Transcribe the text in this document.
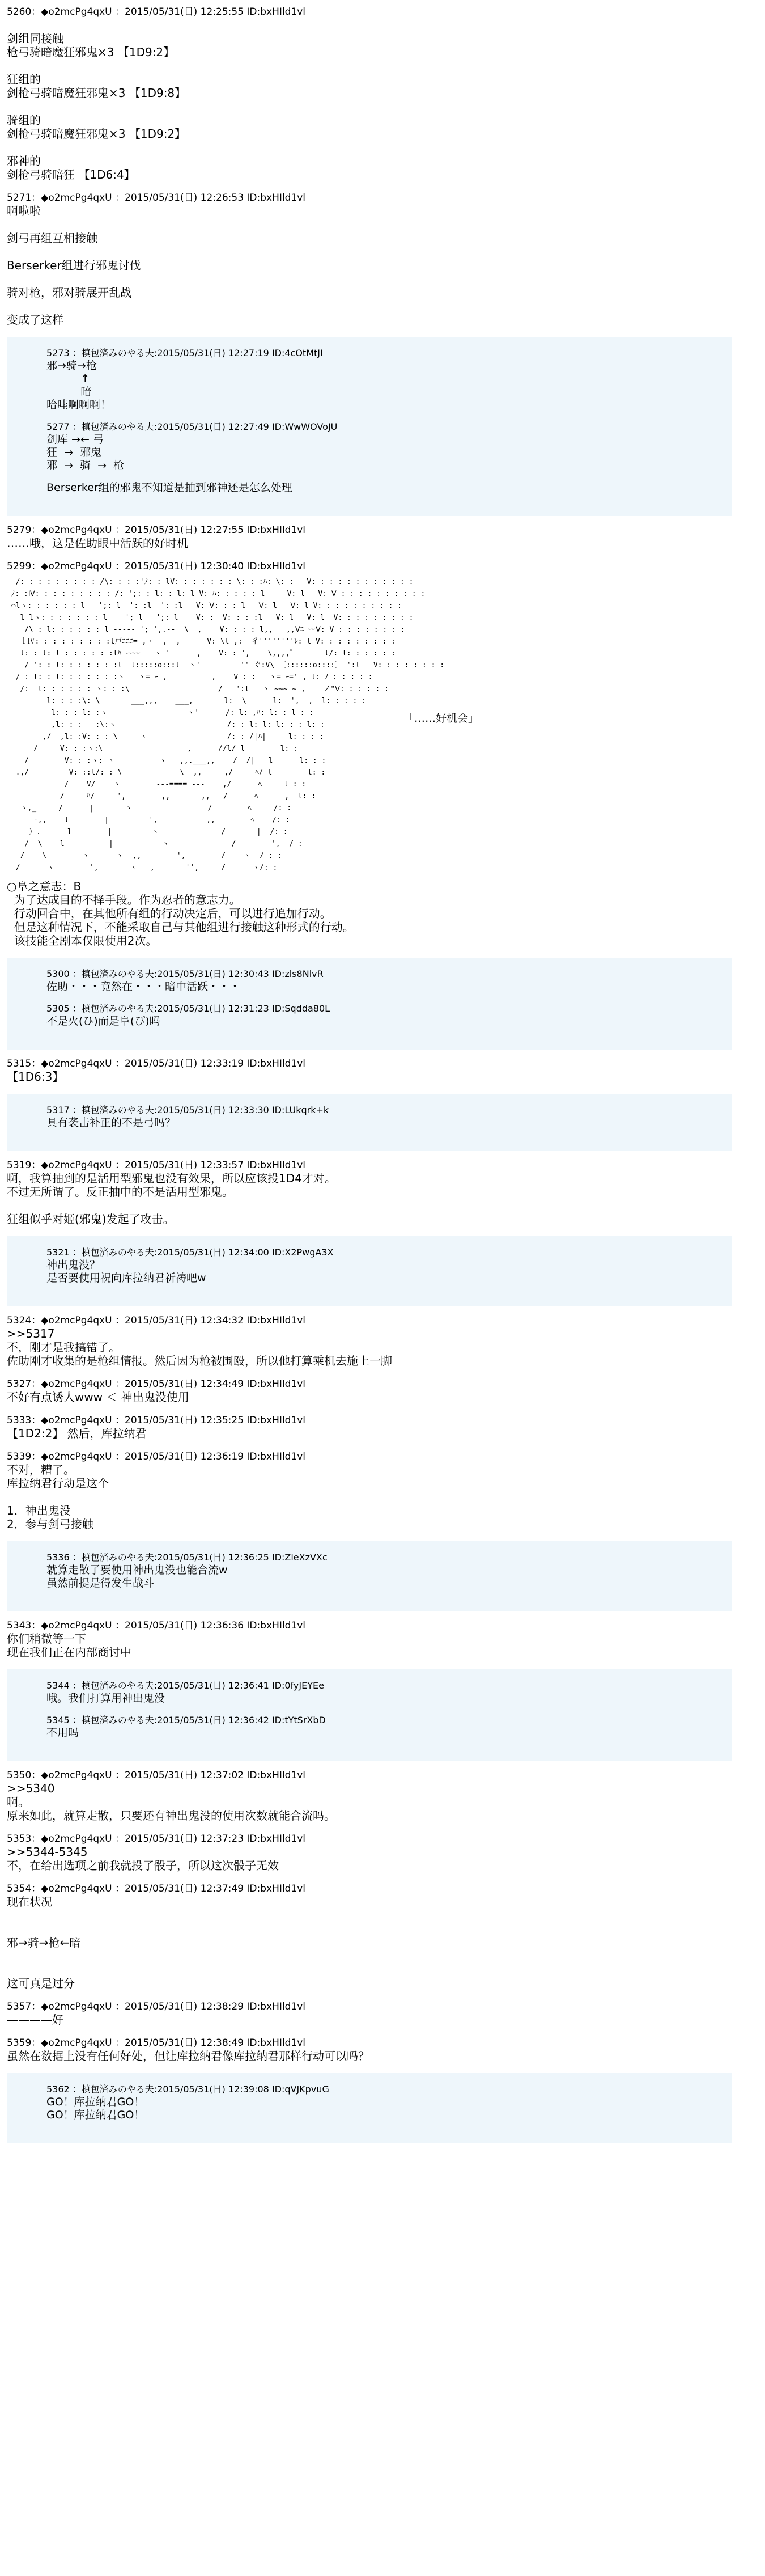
5260：◆o2mcPg4qxU ：2015/05/31(日) 12:25:55 ID:bxHIld1vl

剑组同接触
枪弓骑暗魔狂邪鬼×3 【1D9:2】

狂组的
剑枪弓骑暗魔狂邪鬼×3 【1D9:8】

骑组的
剑枪弓骑暗魔狂邪鬼×3 【1D9:2】

邪神的
剑枪弓骑暗狂 【1D6:4】
5271：◆o2mcPg4qxU ：2015/05/31(日) 12:26:53 ID:bxHIld1vl
啊啦啦

剑弓再组互相接触

Berserker组进行邪鬼讨伐

骑对枪，邪对骑展开乱战

变成了这样

5273 ：槙包済みのやる夫:2015/05/31(日) 12:27:19 ID:4cOtMtJI
邪→骑→枪
↑
暗
哈哇啊啊啊！
5277 ：槙包済みのやる夫:2015/05/31(日) 12:27:49 ID:WwWOVoJU
剑库 →← 弓
狂  →  邪鬼
邪  →  骑  →  枪
Berserker组的邪鬼不知道是抽到邪神还是怎么处理
5279：◆o2mcPg4qxU ：2015/05/31(日) 12:27:55 ID:bxHIld1vl
……哦，这是佐助眼中活跃的好时机
5299：◆o2mcPg4qxU ：2015/05/31(日) 12:30:40 ID:bxHIld1vl
/: : : : : : : : : /\: : : :'ﾉ: : lV: : : : : : : \: : :ﾊ: \: :   V: : : : : : : : : : : :
ﾉ: :Ⅳ: : : : : : : : : /: ';: : l: : l: l V: ﾊ: : : : : l     V: l   V: Ⅴ : : : : : : : : : :
⌒lヽ: : : : : : l   ';: l  ': :l  ': :l   V: Ⅴ: : : l   Ⅴ: l   Ⅴ: l V: : : : : : : : : :
l lヽ: : : : : : : l    '; l   ';: l    V: :  V: : : :l   V: l   V: l  V: : : : : : : : :
/\ : l: : : : : : l ----- '; ',.--  \  ,    V: : : : l,,   ,,Ⅴﾆ ｰｰⅤ: V : : : : : : : :
ｌⅣ: : : : : : : : :l戸ﾆﾆﾆ= ,ヽ  ,  ,      V: \l ,:  彳''''''''ﾚ: l V: : : : : : : : :
l: : l: l : : : : : :lﾊ ｰｰｰｰ   ヽ '      ,    V: : ',    \,,,,ﾟ       l/: l: : : : : :
/ ': : l: : : : : : :l  l:::::o:::l  ヽ'         '' ぐ:V\ 〔::::::o::::〕 ':l   V: : : : : : : :
/ : l: : l: : : : : : :ヽ   ヽ= ｰ ,          ,    V : :   ヽ= ｰ=' , l: ﾉ : : : : :
/:  l: : : : : : ヽ: : :\                    /   ':l   ヽ ~~~ ~ ,    ノ"Ⅴ: : : : : :
l: : : :\: \       ___,,,    ___,       l:  \      l:  ',  ,  l: : : : :
l: : : l: :ヽ                  ヽ'      /: l: ,ﾊ: l: : l : :
,l: : :   :\:ヽ                         /: : l: l: l: : : l: :
,/  ,l: :V: : : \     ヽ                  /: : /|ﾊ|     l: : : :
/     V: : :ヽ:\                   ,      //l/ l        l: :
/        V: : :ヽ: ヽ          ヽ   ,,.___,,    /  /|   l      l: : :
.,/         V: ::l/: : \             \  ,,     ,/     ﾍ/ l        l: :
/    V/    ヽ        ---==== ---    ,/      ﾍ     l : :
/     ﾊ/     ',        ,,       ,,   /      ﾍ      ,  l: :
ヽ,_     /      |       ヽ                 /        ﾍ     /: :
‐,,    l        |         ',           ,,        ﾍ    /: :
）.      l        |         ヽ              /       |  /: :
/  \    l          |           ヽ              /        ',  / :
/    \        ヽ      ヽ  ,,        ',        /    ヽ  / : :
/      ヽ        ',       ヽ   ,       '',     /      ヽ/: :
「……好机会」
○阜之意志：B
为了达成目的不择手段。作为忍者的意志力。
行动回合中，在其他所有组的行动决定后，可以进行追加行动。
但是这种情况下，不能采取自己与其他组进行接触这种形式的行动。
该技能全剧本仅限使用2次。
5300 ：槙包済みのやる夫:2015/05/31(日) 12:30:43 ID:zls8NlvR
佐助・・・竟然在・・・暗中活跃・・・
5305 ：槙包済みのやる夫:2015/05/31(日) 12:31:23 ID:Sqdda80L
不是火(ひ)而是阜(ぴ)吗
5315：◆o2mcPg4qxU ：2015/05/31(日) 12:33:19 ID:bxHIld1vl
【1D6:3】

5317 ：槙包済みのやる夫:2015/05/31(日) 12:33:30 ID:LUkqrk+k
具有袭击补正的不是弓吗？
5319：◆o2mcPg4qxU ：2015/05/31(日) 12:33:57 ID:bxHIld1vl
啊，我算抽到的是活用型邪鬼也没有效果，所以应该投1D4才对。
不过无所谓了。反正抽中的不是活用型邪鬼。

狂组似乎对姬(邪鬼)发起了攻击。

5321 ：槙包済みのやる夫:2015/05/31(日) 12:34:00 ID:X2PwgA3X
神出鬼没？
是否要使用祝向库拉纳君祈祷吧w
5324：◆o2mcPg4qxU ：2015/05/31(日) 12:34:32 ID:bxHIld1vl
>>5317
不，刚才是我搞错了。
佐助刚才收集的是枪组情报。然后因为枪被围殴，所以他打算乘机去施上一脚
5327：◆o2mcPg4qxU ：2015/05/31(日) 12:34:49 ID:bxHIld1vl
不好有点诱人www ＜ 神出鬼没使用
5333：◆o2mcPg4qxU ：2015/05/31(日) 12:35:25 ID:bxHIld1vl
【1D2:2】 然后，库拉纳君
5339：◆o2mcPg4qxU ：2015/05/31(日) 12:36:19 ID:bxHIld1vl
不对，糟了。
库拉纳君行动是这个

1．神出鬼没
2．参与剑弓接触

5336 ：槙包済みのやる夫:2015/05/31(日) 12:36:25 ID:ZieXzVXc
就算走散了要使用神出鬼没也能合流w
虽然前提是得发生战斗
5343：◆o2mcPg4qxU ：2015/05/31(日) 12:36:36 ID:bxHIld1vl
你们稍微等一下
现在我们正在内部商讨中

5344 ：槙包済みのやる夫:2015/05/31(日) 12:36:41 ID:0fyJEYEe
哦。我们打算用神出鬼没
5345 ：槙包済みのやる夫:2015/05/31(日) 12:36:42 ID:tYtSrXbD
不用吗
5350：◆o2mcPg4qxU ：2015/05/31(日) 12:37:02 ID:bxHIld1vl
>>5340
啊。
原来如此，就算走散，只要还有神出鬼没的使用次数就能合流吗。
5353：◆o2mcPg4qxU ：2015/05/31(日) 12:37:23 ID:bxHIld1vl
>>5344-5345
不，在给出选项之前我就投了骰子，所以这次骰子无效
5354：◆o2mcPg4qxU ：2015/05/31(日) 12:37:49 ID:bxHIld1vl
现在状况

邪→骑→枪←暗

这可真是过分
5357：◆o2mcPg4qxU ：2015/05/31(日) 12:38:29 ID:bxHIld1vl
————好
5359：◆o2mcPg4qxU ：2015/05/31(日) 12:38:49 ID:bxHIld1vl
虽然在数据上没有任何好处，但让库拉纳君像库拉纳君那样行动可以吗？

5362 ：槙包済みのやる夫:2015/05/31(日) 12:39:08 ID:qVJKpvuG
GO！库拉纳君GO！
GO！库拉纳君GO！
